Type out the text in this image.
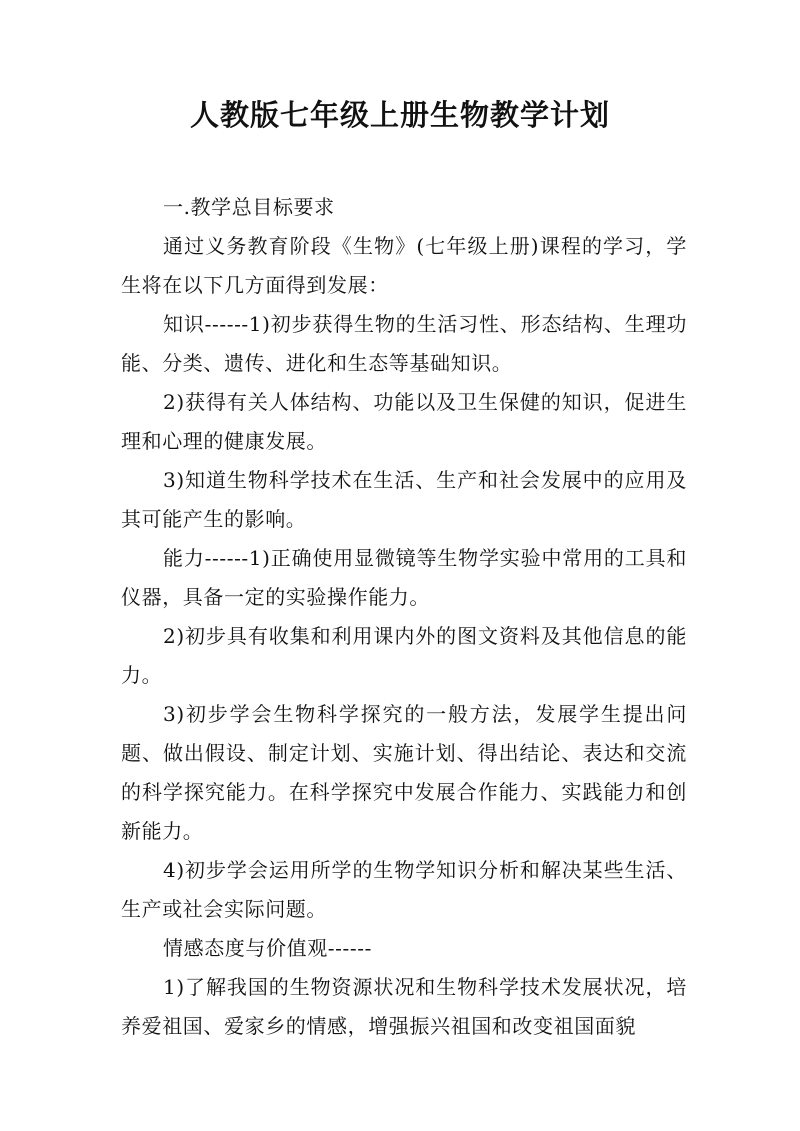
人教版七年级上册生物教学计划

一.教学总目标要求

通过义务教育阶段《生物》(七年级上册)课程的学习，学生将在以下几方面得到发展：

知识------1)初步获得生物的生活习性、形态结构、生理功能、分类、遗传、进化和生态等基础知识。

2)获得有关人体结构、功能以及卫生保健的知识，促进生理和心理的健康发展。

3)知道生物科学技术在生活、生产和社会发展中的应用及其可能产生的影响。

能力------1)正确使用显微镜等生物学实验中常用的工具和仪器，具备一定的实验操作能力。

2)初步具有收集和利用课内外的图文资料及其他信息的能力。

3)初步学会生物科学探究的一般方法，发展学生提出问题、做出假设、制定计划、实施计划、得出结论、表达和交流的科学探究能力。在科学探究中发展合作能力、实践能力和创新能力。

4)初步学会运用所学的生物学知识分析和解决某些生活、生产或社会实际问题。

情感态度与价值观------

1)了解我国的生物资源状况和生物科学技术发展状况，培养爱祖国、爱家乡的情感，增强振兴祖国和改变祖国面貌
